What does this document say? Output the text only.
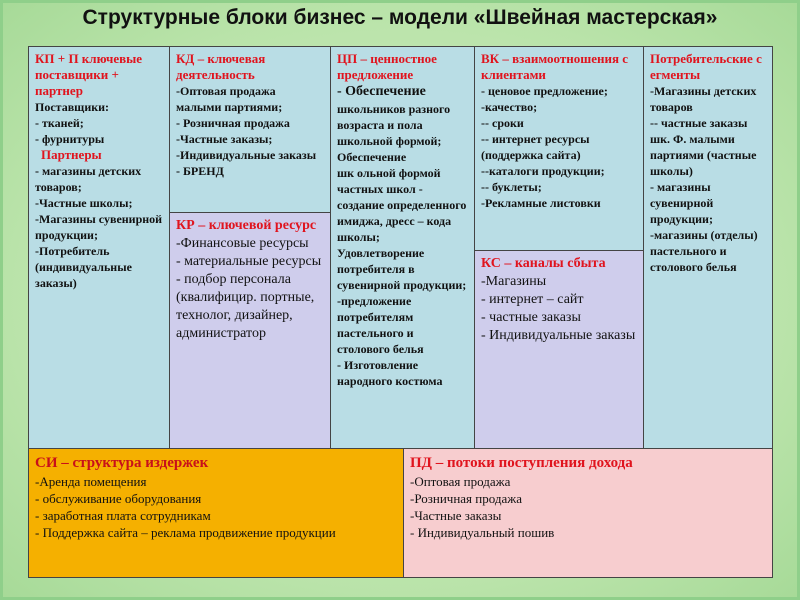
Структурные блоки бизнес – модели «Швейная мастерская»
КП + П ключевые поставщики + партнер
Поставщики:
- тканей;
- фурнитуры
Партнеры
- магазины детских товаров;
-Частные школы;
-Магазины сувенирной продукции;
-Потребитель (индивидуальные заказы)
КД – ключевая деятельность
-Оптовая продажа малыми партиями;
- Розничная продажа
-Частные заказы;
-Индивидуальные заказы
- БРЕНД
КР – ключевой ресурс
-Финансовые ресурсы
- материальные ресурсы
- подбор персонала (квалифицир. портные, технолог, дизайнер, администратор
ЦП – ценностное предложение
- Обеспечение
школьников разного возраста и пола школьной формой;
Обеспечение
шк ольной формой частных школ - создание определенного имиджа, дресс – кода школы;
Удовлетворение потребителя в сувенирной продукции;
-предложение потребителям пастельного и столового белья
- Изготовление народного костюма
ВК – взаимоотношения с клиентами
- ценовое предложение;
-качество;
-- сроки
-- интернет ресурсы (поддержка сайта)
--каталоги продукции;
-- буклеты;
-Рекламные листовки
КС – каналы сбыта
-Магазины
- интернет – сайт
- частные заказы
- Индивидуальные заказы
Потребительские сегменты
-Магазины детских товаров
-- частные заказы шк. Ф. малыми партиями (частные школы)
- магазины сувенирной продукции;
-магазины (отделы) пастельного и столового белья
СИ – структура издержек
-Аренда помещения
- обслуживание оборудования
- заработная плата сотрудникам
- Поддержка сайта – реклама продвижение продукции
ПД – потоки поступления дохода
-Оптовая продажа
-Розничная продажа
-Частные заказы
- Индивидуальный пошив
